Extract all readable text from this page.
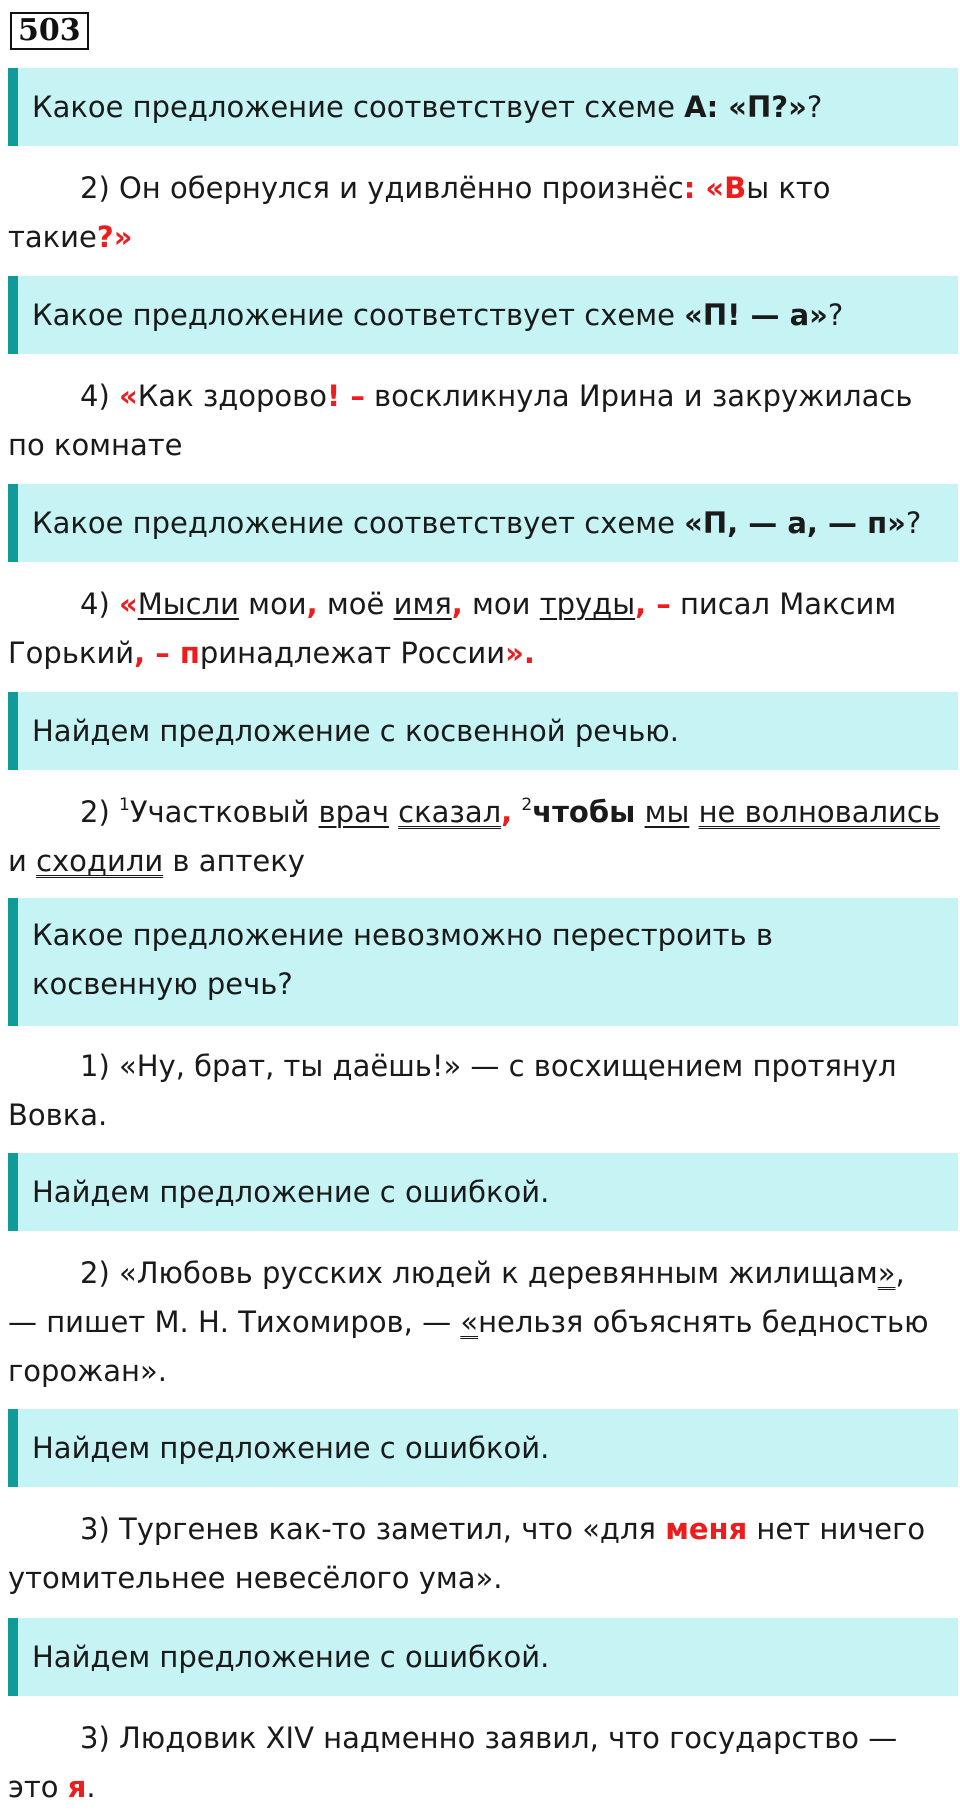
503
Какое предложение соответствует схеме А: «П?»?
2) Он обернулся и удивлённо произнёс: «Вы кто
такие?»
Какое предложение соответствует схеме «П! — а»?
4) «Как здорово! – воскликнула Ирина и закружилась
по комнате
Какое предложение соответствует схеме «П, — а, — п»?
4) «Мысли мои, моё имя, мои труды, – писал Максим
Горький, – принадлежат России».
Найдем предложение с косвенной речью.
2) $^1$Участковый врач сказал, $^2$чтобы мы не волновались
и сходили в аптеку
Какое предложение невозможно перестроить в
косвенную речь?
1) «Ну, брат, ты даёшь!» — с восхищением протянул
Вовка.
Найдем предложение с ошибкой.
2) «Любовь русских людей к деревянным жилищам»,
— пишет М. Н. Тихомиров, — «нельзя объяснять бедностью
горожан».
Найдем предложение с ошибкой.
3) Тургенев как-то заметил, что «для меня нет ничего
утомительнее невесёлого ума».
Найдем предложение с ошибкой.
3) Людовик XIV надменно заявил, что государство —
это я.
